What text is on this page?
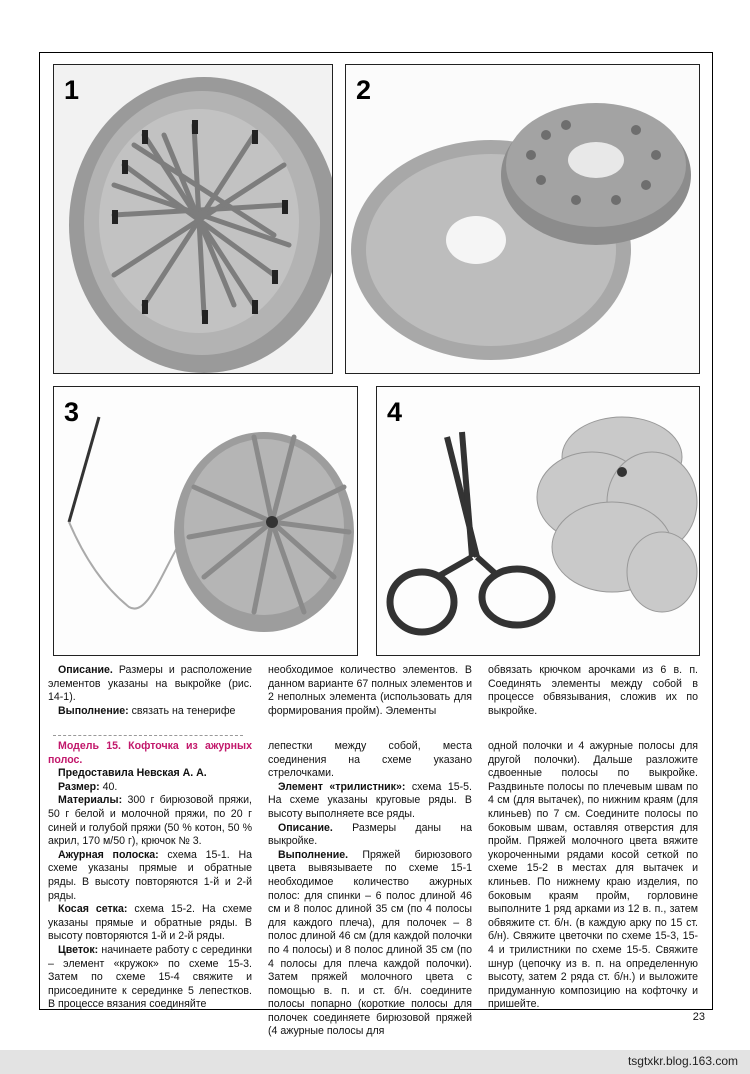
1	2
3	4

Описание. Размеры и расположение элементов указаны на выкройке (рис. 14-1).

Выполнение: связать на тенерифе

необходимое количество элементов. В данном варианте 67 полных элементов и 2 неполных элемента (использовать для формирования пройм). Элементы

обвязать крючком арочками из 6 в. п. Соединять элементы между собой в процессе обвязывания, сложив их по выкройке.

Модель 15. Кофточка из ажурных полос.

Предоставила Невская А. А.

Размер: 40.

Материалы: 300 г бирюзовой пряжи, 50 г белой и молочной пряжи, по 20 г синей и голубой пряжи (50 % котон, 50 % акрил, 170 м/50 г), крючок № 3.

Ажурная полоска: схема 15-1. На схеме указаны прямые и обратные ряды. В высоту повторяются 1-й и 2-й ряды.

Косая сетка: схема 15-2. На схеме указаны прямые и обратные ряды. В высоту повторяются 1-й и 2-й ряды.

Цветок: начинаете работу с серединки – элемент «кружок» по схеме 15-3. Затем по схеме 15-4 свяжите и присоедините к серединке 5 лепестков. В процессе вязания соединяйте

лепестки между собой, места соединения на схеме указано стрелочками.

Элемент «трилистник»: схема 15-5. На схеме указаны круговые ряды. В высоту выполняете все ряды.

Описание. Размеры даны на выкройке.

Выполнение. Пряжей бирюзового цвета вывязываете по схеме 15-1 необходимое количество ажурных полос: для спинки – 6 полос длиной 46 см и 8 полос длиной 35 см (по 4 полосы для каждого плеча), для полочек – 8 полос длиной 46 см (для каждой полочки по 4 полосы) и 8 полос длиной 35 см (по 4 полосы для плеча каждой полочки). Затем пряжей молочного цвета с помощью в. п. и ст. б/н. соедините полосы попарно (короткие полосы для полочек соединяете бирюзовой пряжей (4 ажурные полосы для

одной полочки и 4 ажурные полосы для другой полочки). Дальше разложите сдвоенные полосы по выкройке. Раздвиньте полосы по плечевым швам по 4 см (для вытачек), по нижним краям (для клиньев) по 7 см. Соедините полосы по боковым швам, оставляя отверстия для пройм. Пряжей молочного цвета вяжите укороченными рядами косой сеткой по схеме 15-2 в местах для вытачек и клиньев. По нижнему краю изделия, по боковым краям пройм, горловине выполните 1 ряд арками из 12 в. п., затем обвяжите ст. б/н. (в каждую арку по 15 ст. б/н). Свяжите цветочки по схеме 15-3, 15-4 и трилистники по схеме 15-5. Свяжите шнур (цепочку из в. п. на определенную высоту, затем 2 ряда ст. б/н.) и выложите придуманную композицию на кофточку и пришейте.

23
tsgtxkr.blog.163.com
